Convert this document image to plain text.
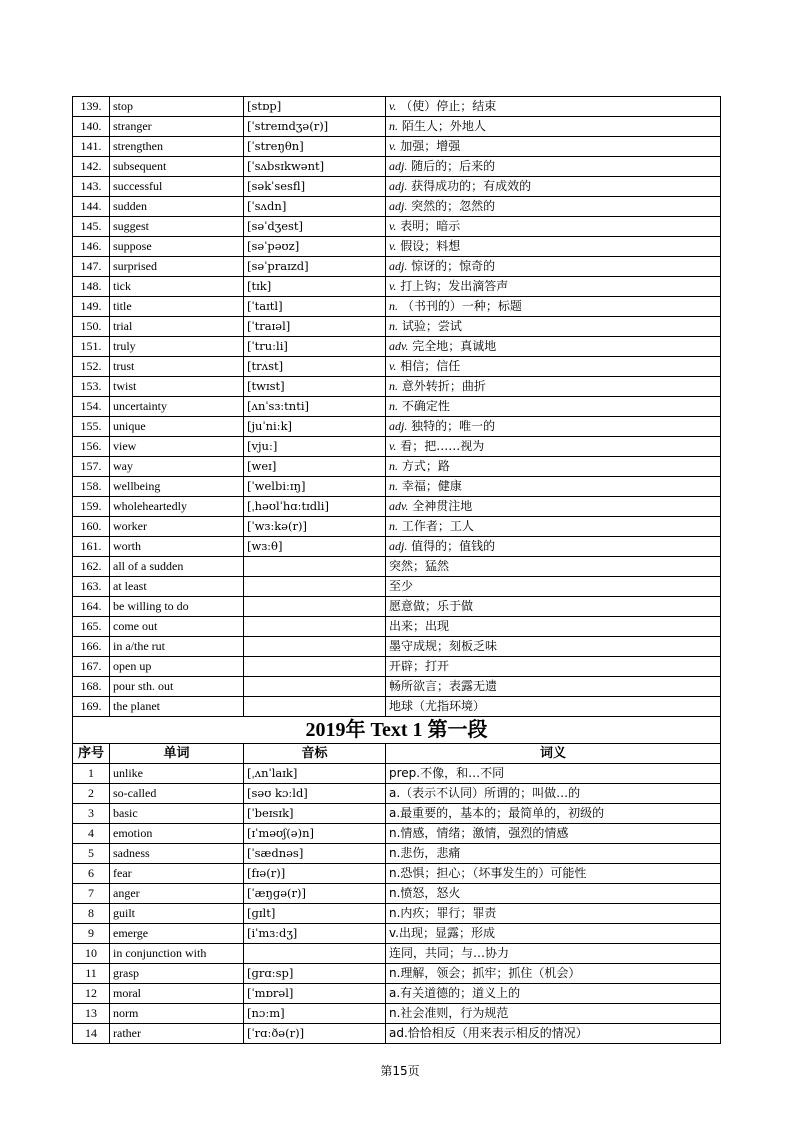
139.	stop	[stɒp]	v. （使）停止；结束
140.	stranger	[ˈstreɪndʒə(r)]	n. 陌生人；外地人
141.	strengthen	[ˈstreŋθn]	v. 加强；增强
142.	subsequent	[ˈsʌbsɪkwənt]	adj. 随后的；后来的
143.	successful	[səkˈsesfl]	adj. 获得成功的；有成效的
144.	sudden	[ˈsʌdn]	adj. 突然的；忽然的
145.	suggest	[səˈdʒest]	v. 表明；暗示
146.	suppose	[səˈpəʊz]	v. 假设；料想
147.	surprised	[səˈpraɪzd]	adj. 惊讶的；惊奇的
148.	tick	[tɪk]	v. 打上钩；发出滴答声
149.	title	[ˈtaɪtl]	n. （书刊的）一种；标题
150.	trial	[ˈtraɪəl]	n. 试验；尝试
151.	truly	[ˈtruːli]	adv. 完全地；真诚地
152.	trust	[trʌst]	v. 相信；信任
153.	twist	[twɪst]	n. 意外转折；曲折
154.	uncertainty	[ʌnˈsɜːtnti]	n. 不确定性
155.	unique	[juˈniːk]	adj. 独特的；唯一的
156.	view	[vjuː]	v. 看；把……视为
157.	way	[weɪ]	n. 方式；路
158.	wellbeing	[ˈwelbiːɪŋ]	n. 幸福；健康
159.	wholeheartedly	[ˌhəʊlˈhɑːtɪdli]	adv. 全神贯注地
160.	worker	[ˈwɜːkə(r)]	n. 工作者；工人
161.	worth	[wɜːθ]	adj. 值得的；值钱的
162.	all of a sudden		突然；猛然
163.	at least		至少
164.	be willing to do		愿意做；乐于做
165.	come out		出来；出现
166.	in a/the rut		墨守成规；刻板乏味
167.	open up		开辟；打开
168.	pour sth. out		畅所欲言；表露无遗
169.	the planet		地球（尤指环境）
2019年 Text 1 第一段			
序号	单词	音标	词义
1	unlike	[ˌʌnˈlaɪk]	prep.不像，和…不同
2	so-called	[səʊ kɔːld]	a.（表示不认同）所谓的；叫做…的
3	basic	[ˈbeɪsɪk]	a.最重要的，基本的；最简单的，初级的
4	emotion	[ɪˈməʊʃ(ə)n]	n.情感，情绪；激情，强烈的情感
5	sadness	[ˈsædnəs]	n.悲伤，悲痛
6	fear	[fɪə(r)]	n.恐惧；担心；（坏事发生的）可能性
7	anger	[ˈæŋɡə(r)]	n.愤怒，怒火
8	guilt	[ɡɪlt]	n.内疚；罪行；罪责
9	emerge	[iˈmɜːdʒ]	v.出现；显露；形成
10	in conjunction with		连同，共同；与…协力
11	grasp	[ɡrɑːsp]	n.理解，领会；抓牢；抓住（机会）
12	moral	[ˈmɒrəl]	a.有关道德的；道义上的
13	norm	[nɔːm]	n.社会准则，行为规范
14	rather	[ˈrɑːðə(r)]	ad.恰恰相反（用来表示相反的情况）
第15页
